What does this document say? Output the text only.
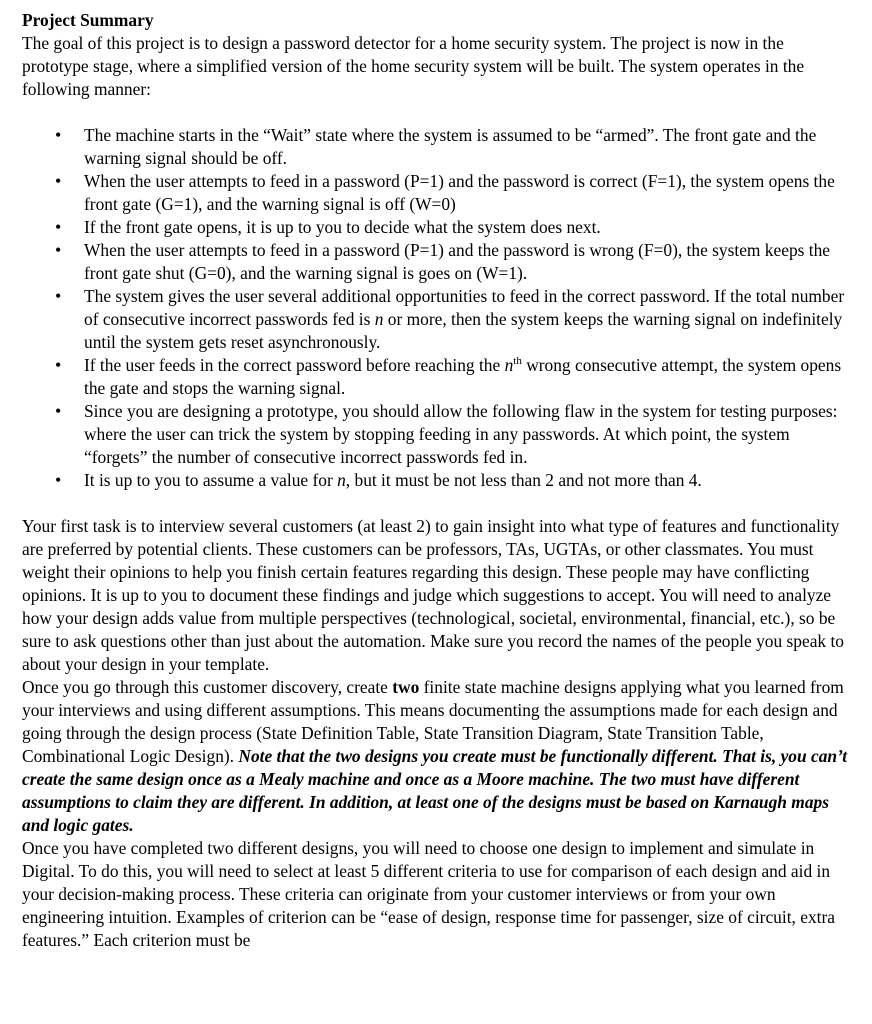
Project Summary

The goal of this project is to design a password detector for a home security system. The project is now in the prototype stage, where a simplified version of the home security system will be built. The system operates in the following manner:

• The machine starts in the “Wait” state where the system is assumed to be “armed”. The front gate and the warning signal should be off.
• When the user attempts to feed in a password (P=1) and the password is correct (F=1), the system opens the front gate (G=1), and the warning signal is off (W=0)
• If the front gate opens, it is up to you to decide what the system does next.
• When the user attempts to feed in a password (P=1) and the password is wrong (F=0), the system keeps the front gate shut (G=0), and the warning signal is goes on (W=1).
• The system gives the user several additional opportunities to feed in the correct password. If the total number of consecutive incorrect passwords fed is n or more, then the system keeps the warning signal on indefinitely until the system gets reset asynchronously.
• If the user feeds in the correct password before reaching the $n^{th}$ wrong consecutive attempt, the system opens the gate and stops the warning signal.
• Since you are designing a prototype, you should allow the following flaw in the system for testing purposes: where the user can trick the system by stopping feeding in any passwords. At which point, the system “forgets” the number of consecutive incorrect passwords fed in.
• It is up to you to assume a value for n, but it must be not less than 2 and not more than 4.

Your first task is to interview several customers (at least 2) to gain insight into what type of features and functionality are preferred by potential clients. These customers can be professors, TAs, UGTAs, or other classmates. You must weight their opinions to help you finish certain features regarding this design. These people may have conflicting opinions. It is up to you to document these findings and judge which suggestions to accept. You will need to analyze how your design adds value from multiple perspectives (technological, societal, environmental, financial, etc.), so be sure to ask questions other than just about the automation. Make sure you record the names of the people you speak to about your design in your template.

Once you go through this customer discovery, create two finite state machine designs applying what you learned from your interviews and using different assumptions. This means documenting the assumptions made for each design and going through the design process (State Definition Table, State Transition Diagram, State Transition Table, Combinational Logic Design). Note that the two designs you create must be functionally different. That is, you can’t create the same design once as a Mealy machine and once as a Moore machine. The two must have different assumptions to claim they are different. In addition, at least one of the designs must be based on Karnaugh maps and logic gates.

Once you have completed two different designs, you will need to choose one design to implement and simulate in Digital. To do this, you will need to select at least 5 different criteria to use for comparison of each design and aid in your decision-making process. These criteria can originate from your customer interviews or from your own engineering intuition. Examples of criterion can be “ease of design, response time for passenger, size of circuit, extra features.” Each criterion must be
